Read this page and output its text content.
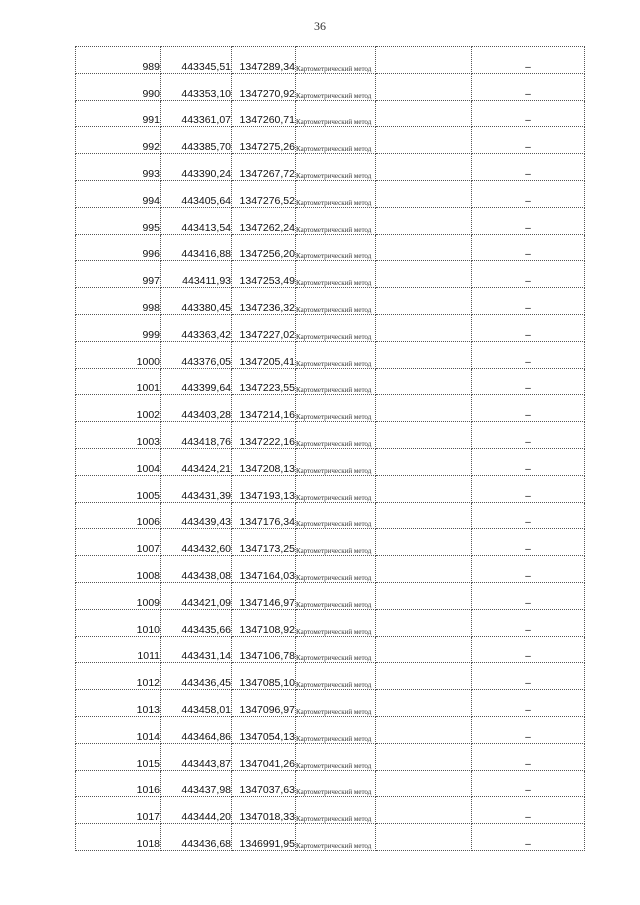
36
989	443345,51	1347289,34	Картометрический метод		–
990	443353,10	1347270,92	Картометрический метод		–
991	443361,07	1347260,71	Картометрический метод		–
992	443385,70	1347275,26	Картометрический метод		–
993	443390,24	1347267,72	Картометрический метод		–
994	443405,64	1347276,52	Картометрический метод		–
995	443413,54	1347262,24	Картометрический метод		–
996	443416,88	1347256,20	Картометрический метод		–
997	443411,93	1347253,49	Картометрический метод		–
998	443380,45	1347236,32	Картометрический метод		–
999	443363,42	1347227,02	Картометрический метод		–
1000	443376,05	1347205,41	Картометрический метод		–
1001	443399,64	1347223,55	Картометрический метод		–
1002	443403,28	1347214,16	Картометрический метод		–
1003	443418,76	1347222,16	Картометрический метод		–
1004	443424,21	1347208,13	Картометрический метод		–
1005	443431,39	1347193,13	Картометрический метод		–
1006	443439,43	1347176,34	Картометрический метод		–
1007	443432,60	1347173,25	Картометрический метод		–
1008	443438,08	1347164,03	Картометрический метод		–
1009	443421,09	1347146,97	Картометрический метод		–
1010	443435,66	1347108,92	Картометрический метод		–
1011	443431,14	1347106,78	Картометрический метод		–
1012	443436,45	1347085,10	Картометрический метод		–
1013	443458,01	1347096,97	Картометрический метод		–
1014	443464,86	1347054,13	Картометрический метод		–
1015	443443,87	1347041,26	Картометрический метод		–
1016	443437,98	1347037,63	Картометрический метод		–
1017	443444,20	1347018,33	Картометрический метод		–
1018	443436,68	1346991,95	Картометрический метод		–
